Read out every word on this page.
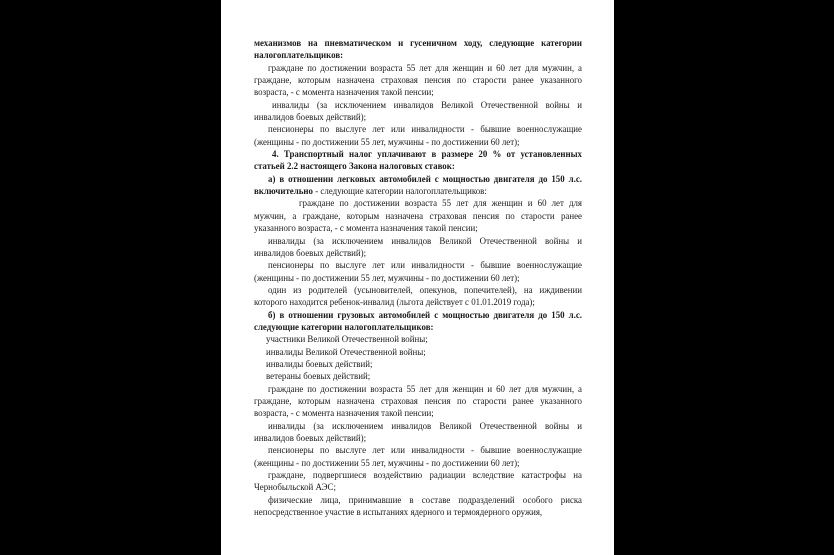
механизмов на пневматическом и гусеничном ходу, следующие категории налогоплательщиков:

граждане по достижении возраста 55 лет для женщин и 60 лет для мужчин, а граждане, которым назначена страховая пенсия по старости ранее указанного возраста, - с момента назначения такой пенсии;

инвалиды (за исключением инвалидов Великой Отечественной войны и инвалидов боевых действий);

пенсионеры по выслуге лет или инвалидности - бывшие военнослужащие (женщины - по достижении 55 лет, мужчины - по достижении 60 лет);

4. Транспортный налог уплачивают в размере 20 % от установленных статьей 2.2 настоящего Закона налоговых ставок:

а) в отношении легковых автомобилей с мощностью двигателя до 150 л.с. включительно - следующие категории налогоплательщиков:

граждане по достижении возраста 55 лет для женщин и 60 лет для мужчин, а граждане, которым назначена страховая пенсия по старости ранее указанного возраста, - с момента назначения такой пенсии;

инвалиды (за исключением инвалидов Великой Отечественной войны и инвалидов боевых действий);

пенсионеры по выслуге лет или инвалидности - бывшие военнослужащие (женщины - по достижении 55 лет, мужчины - по достижении 60 лет);

один из родителей (усыновителей, опекунов, попечителей), на иждивении которого находится ребенок-инвалид (льгота действует с 01.01.2019 года);

б) в отношении грузовых автомобилей с мощностью двигателя до 150 л.с. следующие категории налогоплательщиков:

участники Великой Отечественной войны;

инвалиды Великой Отечественной войны;

инвалиды боевых действий;

ветераны боевых действий;

граждане по достижении возраста 55 лет для женщин и 60 лет для мужчин, а граждане, которым назначена страховая пенсия по старости ранее указанного возраста, - с момента назначения такой пенсии;

инвалиды (за исключением инвалидов Великой Отечественной войны и инвалидов боевых действий);

пенсионеры по выслуге лет или инвалидности - бывшие военнослужащие (женщины - по достижении 55 лет, мужчины - по достижении 60 лет);

граждане, подвергшиеся воздействию радиации вследствие катастрофы на Чернобыльской АЭС;

физические лица, принимавшие в составе подразделений особого риска непосредственное участие в испытаниях ядерного и термоядерного оружия,
